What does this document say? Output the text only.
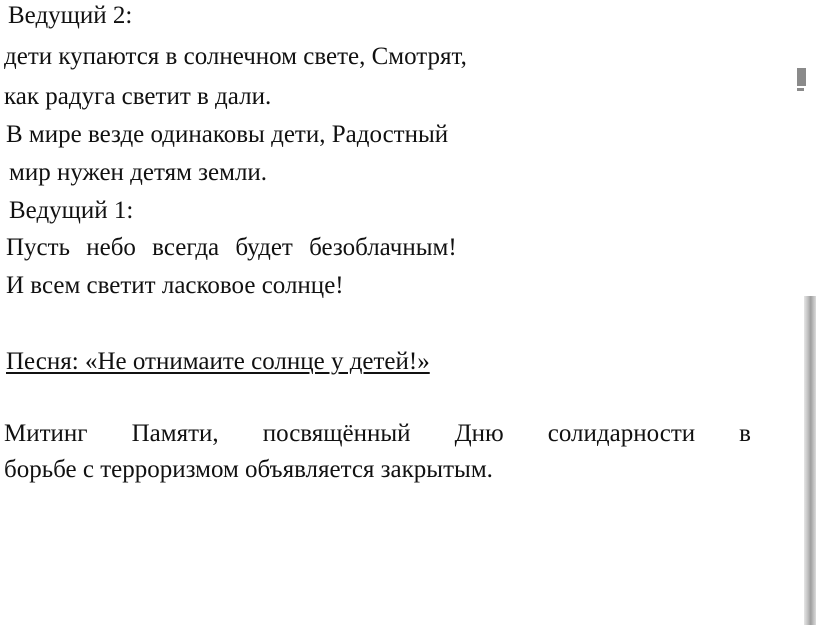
Ведущий 2:
дети купаются в солнечном свете, Смотрят,
как радуга светит в дали.
В мире везде одинаковы дети, Радостный
мир нужен детям земли.
Ведущий 1:
Пусть небо всегда будет безоблачным!
И всем светит ласковое солнце!
Песня: «Не отнимаите солнце у детей!»
Митинг Памяти, посвящённый Дню солидарности в
борьбе с терроризмом объявляется закрытым.
